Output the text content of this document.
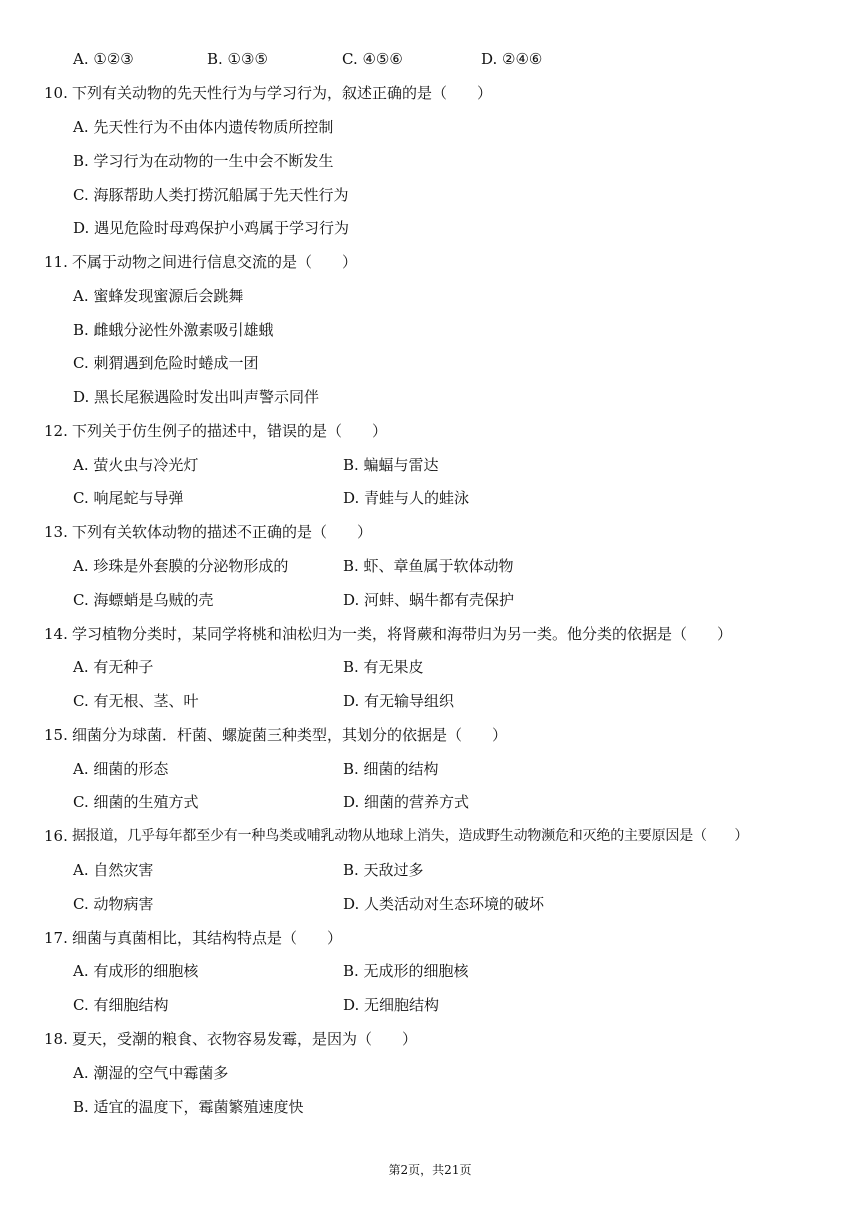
A. ①②③	B. ①③⑤	C. ④⑤⑥	D. ②④⑥
10. 下列有关动物的先天性行为与学习行为，叙述正确的是（　　）
A. 先天性行为不由体内遗传物质所控制
B. 学习行为在动物的一生中会不断发生
C. 海豚帮助人类打捞沉船属于先天性行为
D. 遇见危险时母鸡保护小鸡属于学习行为
11. 不属于动物之间进行信息交流的是（　　）
A. 蜜蜂发现蜜源后会跳舞
B. 雌蛾分泌性外激素吸引雄蛾
C. 刺猬遇到危险时蜷成一团
D. 黑长尾猴遇险时发出叫声警示同伴
12. 下列关于仿生例子的描述中，错误的是（　　）
A. 萤火虫与冷光灯	B. 蝙蝠与雷达
C. 响尾蛇与导弹	D. 青蛙与人的蛙泳
13. 下列有关软体动物的描述不正确的是（　　）
A. 珍珠是外套膜的分泌物形成的	B. 虾、章鱼属于软体动物
C. 海螵蛸是乌贼的壳	D. 河蚌、蜗牛都有壳保护
14. 学习植物分类时，某同学将桃和油松归为一类，将肾蕨和海带归为另一类。他分类的依据是（　　）
A. 有无种子	B. 有无果皮
C. 有无根、茎、叶	D. 有无输导组织
15. 细菌分为球菌．杆菌、螺旋菌三种类型，其划分的依据是（　　）
A. 细菌的形态	B. 细菌的结构
C. 细菌的生殖方式	D. 细菌的营养方式
16. 据报道，几乎每年都至少有一种鸟类或哺乳动物从地球上消失，造成野生动物濒危和灭绝的主要原因是（　　）
A. 自然灾害	B. 天敌过多
C. 动物病害	D. 人类活动对生态环境的破坏
17. 细菌与真菌相比，其结构特点是（　　）
A. 有成形的细胞核	B. 无成形的细胞核
C. 有细胞结构	D. 无细胞结构
18. 夏天，受潮的粮食、衣物容易发霉，是因为（　　）
A. 潮湿的空气中霉菌多
B. 适宜的温度下，霉菌繁殖速度快
第2页，共21页
